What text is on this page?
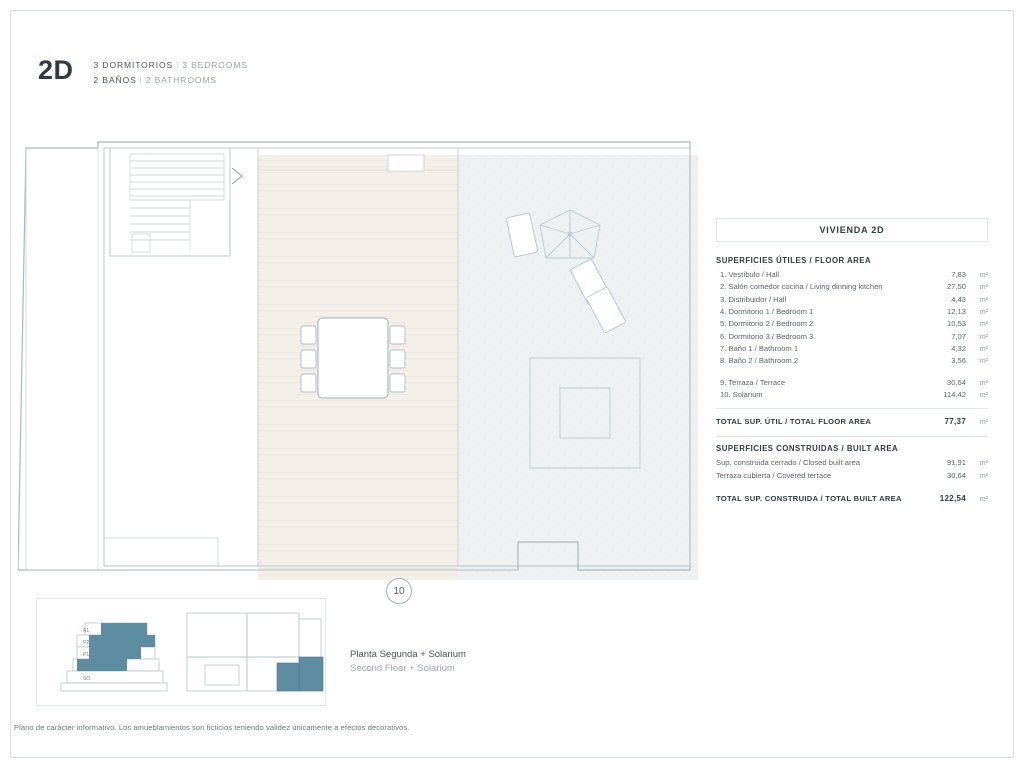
2D 3 DORMITORIOS | 3 BEDROOMS
2 BAÑOS | 2 BATHROOMS
10
A1
P2
P1
PB
SO
Planta Segunda + Solarium
Second Floor + Solarium
Plano de carácter informativo. Los amueblamientos son ficticios teniendo validez únicamente a efectos decorativos.
VIVIENDA 2D
SUPERFICIES ÚTILES / FLOOR AREA
1. Vestíbulo / Hall	7,83	m²
2. Salón comedor cocina / Living dinning kitchen	27,50	m²
3. Distribuidor / Hall	4,43	m²
4. Dormitorio 1 / Bedroom 1	12,13	m²
5. Dormitorio 2 / Bedroom 2	10,53	m²
6. Dormitorio 3 / Bedroom 3	7,07	m²
7. Baño 1 / Bathroom 1	4,32	m²
8. Baño 2 / Bathroom 2	3,56	m²
9. Terraza / Terrace	30,64	m²
10. Solarium	114,42	m²
TOTAL SUP. ÚTIL / TOTAL FLOOR AREA	77,37	m²
SUPERFICIES CONSTRUIDAS / BUILT AREA
Sup. construida cerrado / Closed built area	91,91	m²
Terraza cubierta / Covered terrace	30,64	m²
TOTAL SUP. CONSTRUIDA / TOTAL BUILT AREA	122,54	m²
